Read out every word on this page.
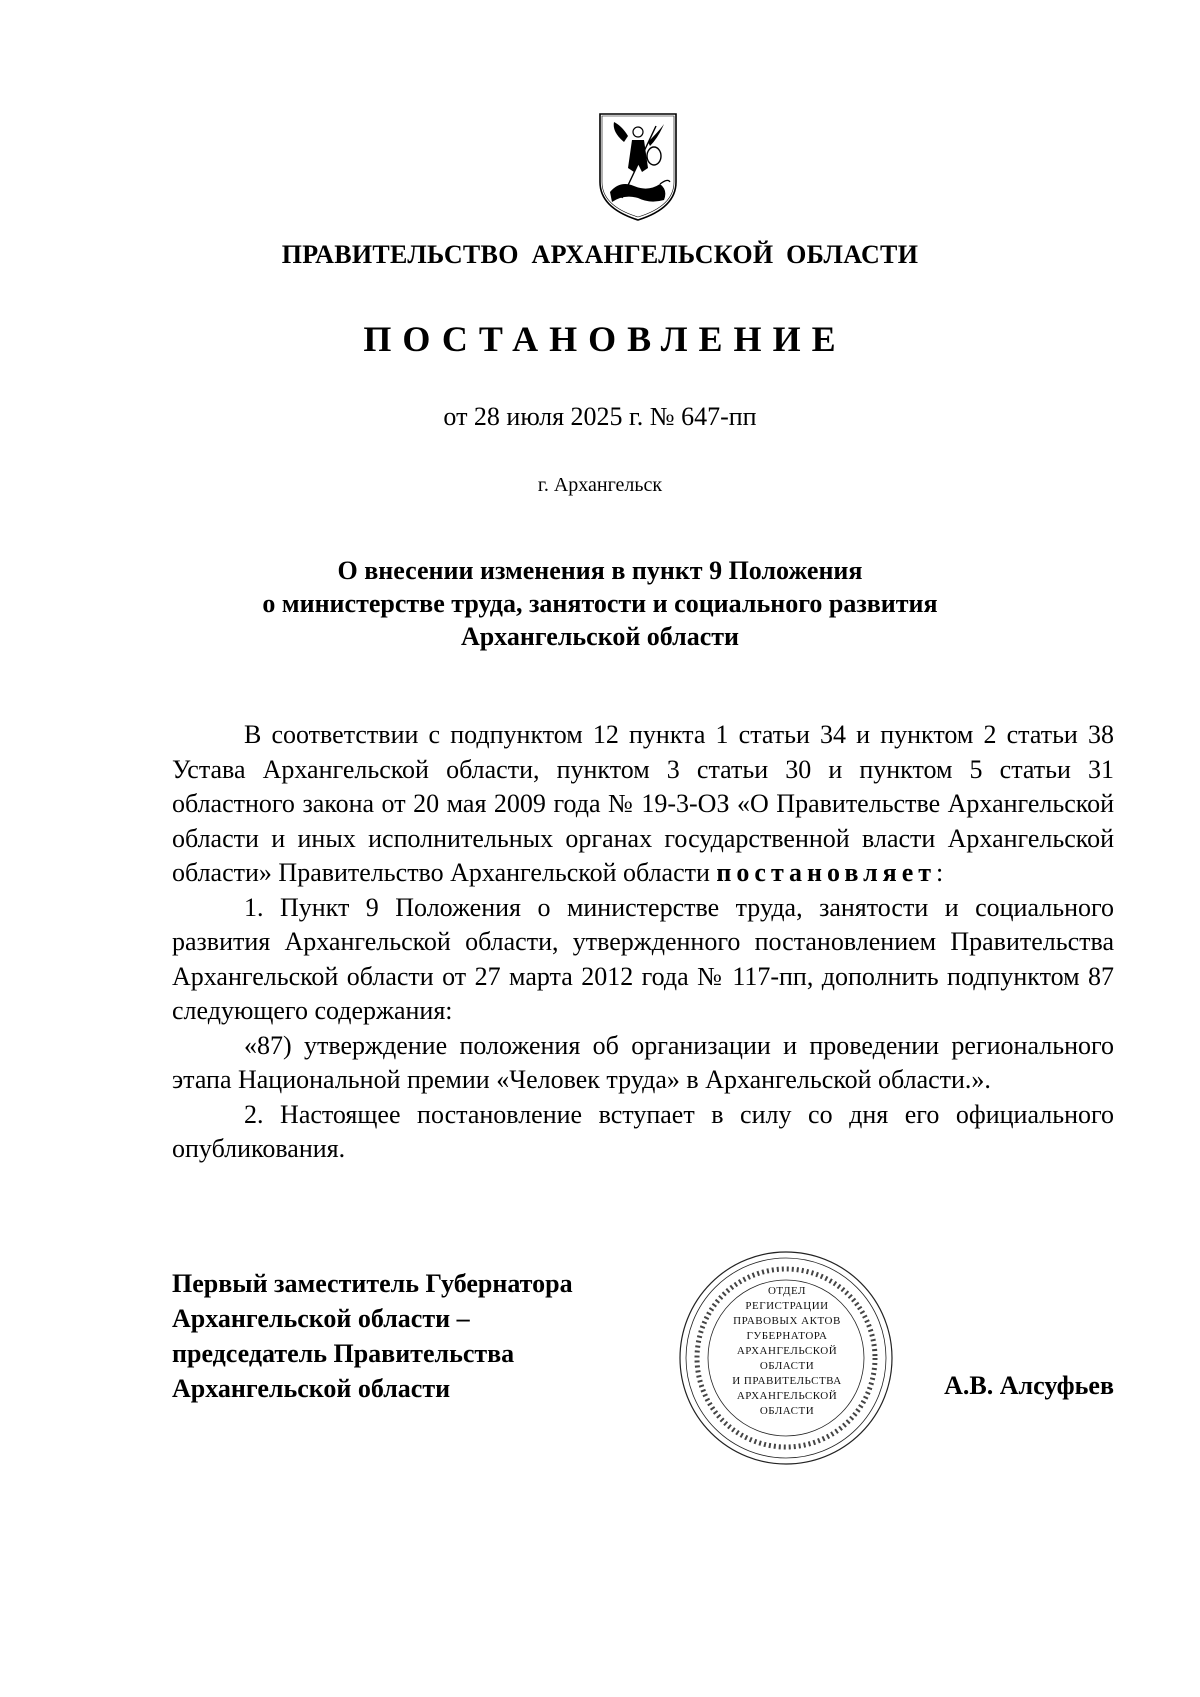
ПРАВИТЕЛЬСТВО АРХАНГЕЛЬСКОЙ ОБЛАСТИ
ПОСТАНОВЛЕНИЕ
от 28 июля 2025 г. № 647-пп
г. Архангельск
О внесении изменения в пункт 9 Положения
о министерстве труда, занятости и социального развития
Архангельской области

В соответствии с подпунктом 12 пункта 1 статьи 34 и пунктом 2 статьи 38 Устава Архангельской области, пунктом 3 статьи 30 и пунктом 5 статьи 31 областного закона от 20 мая 2009 года № 19-3-ОЗ «О Правительстве Архангельской области и иных исполнительных органах государственной власти Архангельской области» Правительство Архангельской области постановляет:

1. Пункт 9 Положения о министерстве труда, занятости и социального развития Архангельской области, утвержденного постановлением Правительства Архангельской области от 27 марта 2012 года № 117-пп, дополнить подпунктом 87 следующего содержания:

«87) утверждение положения об организации и проведении регионального этапа Национальной премии «Человек труда» в Архангельской области.».

2. Настоящее постановление вступает в силу со дня его официального опубликования.

ОТДЕЛ
РЕГИСТРАЦИИ
ПРАВОВЫХ АКТОВ
ГУБЕРНАТОРА
АРХАНГЕЛЬСКОЙ
ОБЛАСТИ
И ПРАВИТЕЛЬСТВА
АРХАНГЕЛЬСКОЙ
ОБЛАСТИ
Первый заместитель Губернатора
Архангельской области –
председатель Правительства
Архангельской области	А.В. Алсуфьев
